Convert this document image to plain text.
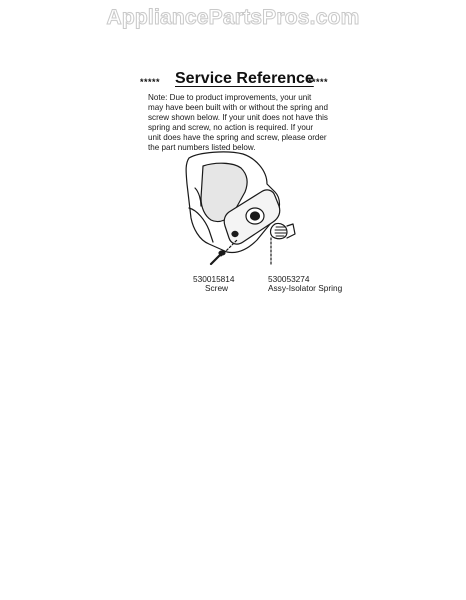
AppliancePartsPros.com
***** Service Reference
*****
Note: Due to product improvements, your unit
may have been built with or without the spring and
screw shown below. If your unit does not have this
spring and screw, no action is required. If your
unit does have the spring and screw, please order
the part numbers listed below.
530015814
Screw
530053274
Assy-Isolator Spring
